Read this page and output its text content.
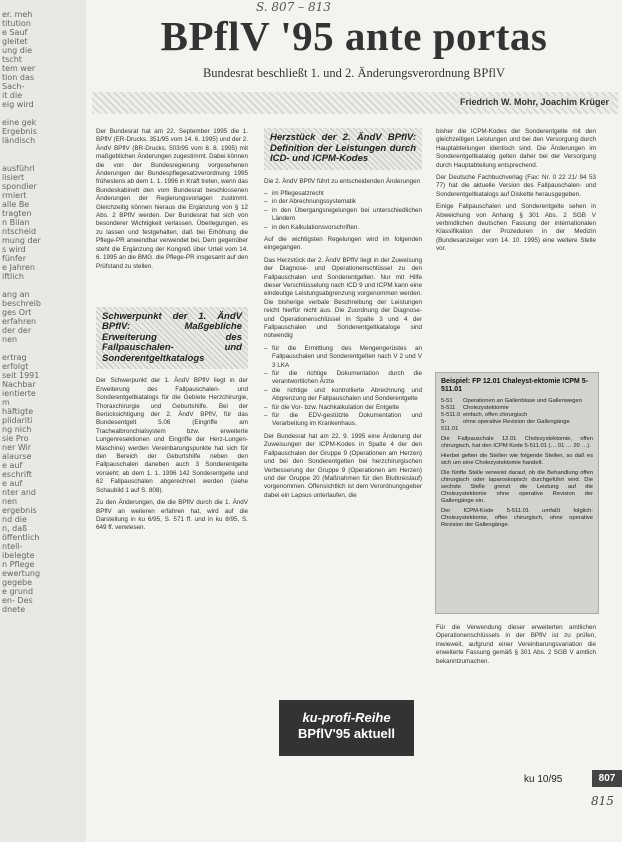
er. meh
titution
e Sauf
gleitet
ung die
tscht
tem wer
tion das
Sach-
it die
eig wird
eine gek
Ergebnis
ländisch
ausführl
lisiert
spondier
rmiert
alle Be
tragten
n Bilan
ntscheid
mung der
s wird
fünfer
e Jahren
iftlich
ang an
beschreib
ges Ort
erfahren
der der
nen
ertrag
erfolgt
seit 1991
Nachbar
ientierte
m
häftigte
plidariti
ng nich
sie Pro
ner Wir
alaurse
e auf
eschrift
e auf
nter and
nen
ergebnis
nd die
n, daß
öffentlich
ntell-
ibelegte
n Pflege
ewertung
gegebe
e grund
en- Des
dnete
S. 807 – 813
BPflV '95 ante portas
Bundesrat beschließt 1. und 2. Änderungsverordnung BPflV
Friedrich W. Mohr, Joachim Krüger

Der Bundesrat hat am 22. September 1995 die 1. BPflV (ER-Drucks. 351/95 vom 14. 6. 1995) und der 2. ÄndV BPflV (BR-Drucks. 503/95 vom 8. 8. 1995) mit maßgeblichen Änderungen zugestimmt. Dabei können die von der Bundesregierung vorgesehenen Änderungen der Bundespflegesatzverordnung 1995 frühestens ab dem 1. 1. 1996 in Kraft treten, wenn das Bundeskabinett den vom Bundesrat beschlossenen Änderungen der Regierungsvorlagen zustimmt. Gleichzeitig können hieraus die Ergänzung von § 12 Abs. 2 BPflV werden. Der Bundesrat hat sich von besonderer Wichtigkeit verlassen. Überlegungen, es zu lassen und festgehalten, daß bei Erhöhung die Pflege-PR anwendbar verwendet bei, Dem gegenüber steht die Ergänzung der Kongreß über Urteil vom 14. 6. 1995 an die BMG. die Pflege-PR insgesamt auf den Prüfstand zu stellen.

Schwerpunkt der 1. ÄndV BPflV: Maßgebliche Erweiterung des Fallpauschalen- und Sonderentgeltkatalogs

Der Schwerpunkt der 1. ÄndV BPflV liegt in der Erweiterung des Fallpauschalen- und Sonderentgeltkatalogs für die Gebiete Herzchirurgie, Thoraxchirurgie und Geburtshilfe. Bei der Berücksichtigung der 2. ÄndV BPflV, für das Bundesentgelt 5.06 (Eingriffe am Trachealbronchialsystem bzw. erweiterte Lungenresektionen und Eingriffe der Herz-Lungen-Maschine) werden Vereinbarungspunkte hat sich für den Bereich der Geburtshilfe neben den Fallpauschalen daneben auch 3 Sonderentgelte vorsieht; ab dem 1. 1. 1996 142 Sonderentgelte und 62 Fallpauschalen abgerechnet werden (siehe Schaubild 1 auf S. 808).

Zu den Änderungen, die die BPflV durch die 1. ÄndV BPflV an weiteren erfahren hat, wird auf die Darstellung in ku 6/95, S. 571 ff. und in ku 8/95, S. 649 ff. verwiesen.

Herzstück der 2. ÄndV BPflV: Definition der Leistungen durch ICD- und ICPM-Kodes

Die 2. ÄndV BPflV führt zu entscheidenden Änderungen

– im Pflegesatzrecht
– in der Abrechnungssystematik
– in den Übergangsregelungen bei unterschiedlichen Ländern
– in den Kalkulationsvorschriften.

Auf die wichtigsten Regelungen wird im folgenden eingegangen.

Das Herzstück der 2. ÄndV BPflV liegt in der Zuweisung der Diagnose- und Operationenschlüssel zu den Fallpauschalen und Sonderentgelten. Nur mit Hilfe dieser Verschlüsselung nach ICD 9 und ICPM kann eine eindeutige Leistungsabgrenzung vorgenommen werden. Die bisherige verbale Beschreibung der Leistungen reicht hierfür nicht aus. Die Zuordnung der Diagnose- und Operationenschlüssel in Spalte 3 und 4 der Fallpauschalen und Sonderentgeltkataloge sind notwendig

– für die Ermittlung des Mengengerüstes an Fallpauschalen und Sonderentgelten nach V 2 und V 3 LKA
– für die richtige Dokumentation durch die verantwortlichen Ärzte
– die richtige und kontrollierte Abrechnung und Abgrenzung der Fallpauschalen und Sonderentgelte
– für die Vor- bzw. Nachkalkulation der Entgelte
– für die EDV-gestützte Dokumentation und Verarbeitung im Krankenhaus.

Der Bundesrat hat am 22. 9. 1995 eine Änderung der Zuweisungen der ICPM-Kodes in Spalte 4 der den Fallpauschalen der Gruppe 9 (Operationen am Herzen) und bei den Sonderentgelten bei herzchirurgischen Verbesserung der Gruppe 9 (Operationen am Herzen) und der Gruppe 20 (Maßnahmen für den Blutkreislauf) vorgenommen. Offensichtlich ist dem Verordnungsgeber dabei ein Lapsus unterlaufen, die

bisher die ICPM-Kodes der Sonderentgelte mit den gleichzeitigen Leistungen und bei den Versorgung durch Hauptabteilungen identisch sind. Die Änderungen im Sonderentgeltkatalog gelten daher bei der Versorgung durch Hauptabteilung entsprechend.

Der Deutsche Fachbuchverlag (Fax: Nr. 0 22 21/ 94 53 77) hat die aktuelle Version des Fallpauschalen- und Sonderentgeltkatalogs auf Diskette herausgegeben.

Einige Fallpauschalen und Sonderentgelte sehen in Abweichung von Anhang § 301 Abs. 2 SGB V verbindlichen deutschen Fassung der internationalen Klassifikation der Prozeduren in der Medizin (Bundesanzeiger vom 14. 10. 1995) eine weitere Stelle vor.

Beispiel: FP 12.01 Chaleyst-ektomie ICPM 5-511.01
5-51	Operationen an Gallenblase und Gallenwegen
5-511	Cholezystektomie
5-511.0 einfach, offen chirurgisch
5-511.01
ohne operative Revision der Gallengänge
Die Fallpauschale 12.01 Cholezystektomie, offen chirurgisch, hat den ICPM Kode 5-511.01 (… 01 … 20 …).
Hierbei gelten die Stellen wie folgende Stellen, so daß es sich um eine Cholezystektomie handelt.
Die fünfte Stelle verweist darauf, ob die Behandlung offen chirurgisch oder laparoskopisch durchgeführt wird. Die sechste Stelle grenzt die Leistung auf die Cholezystektomie ohne operative Revision der Gallengänge ein.
Der ICPM-Kode 5-511.01 umfaßt folglich: Cholezystektomie, offen chirurgisch, ohne operative Revision der Gallengänge.

Für die Verwendung dieser erweiterten amtlichen Operationenschlüssels in der BPflV ist zu prüfen, inwieweit, aufgrund einer Vereinbarungsvariation die erweiterte Fassung gemäß § 301 Abs. 2 SGB V amtlich bekanntzumachen.

ku-profi-Reihe
BPflV'95 aktuell
ku 10/95	807
815
